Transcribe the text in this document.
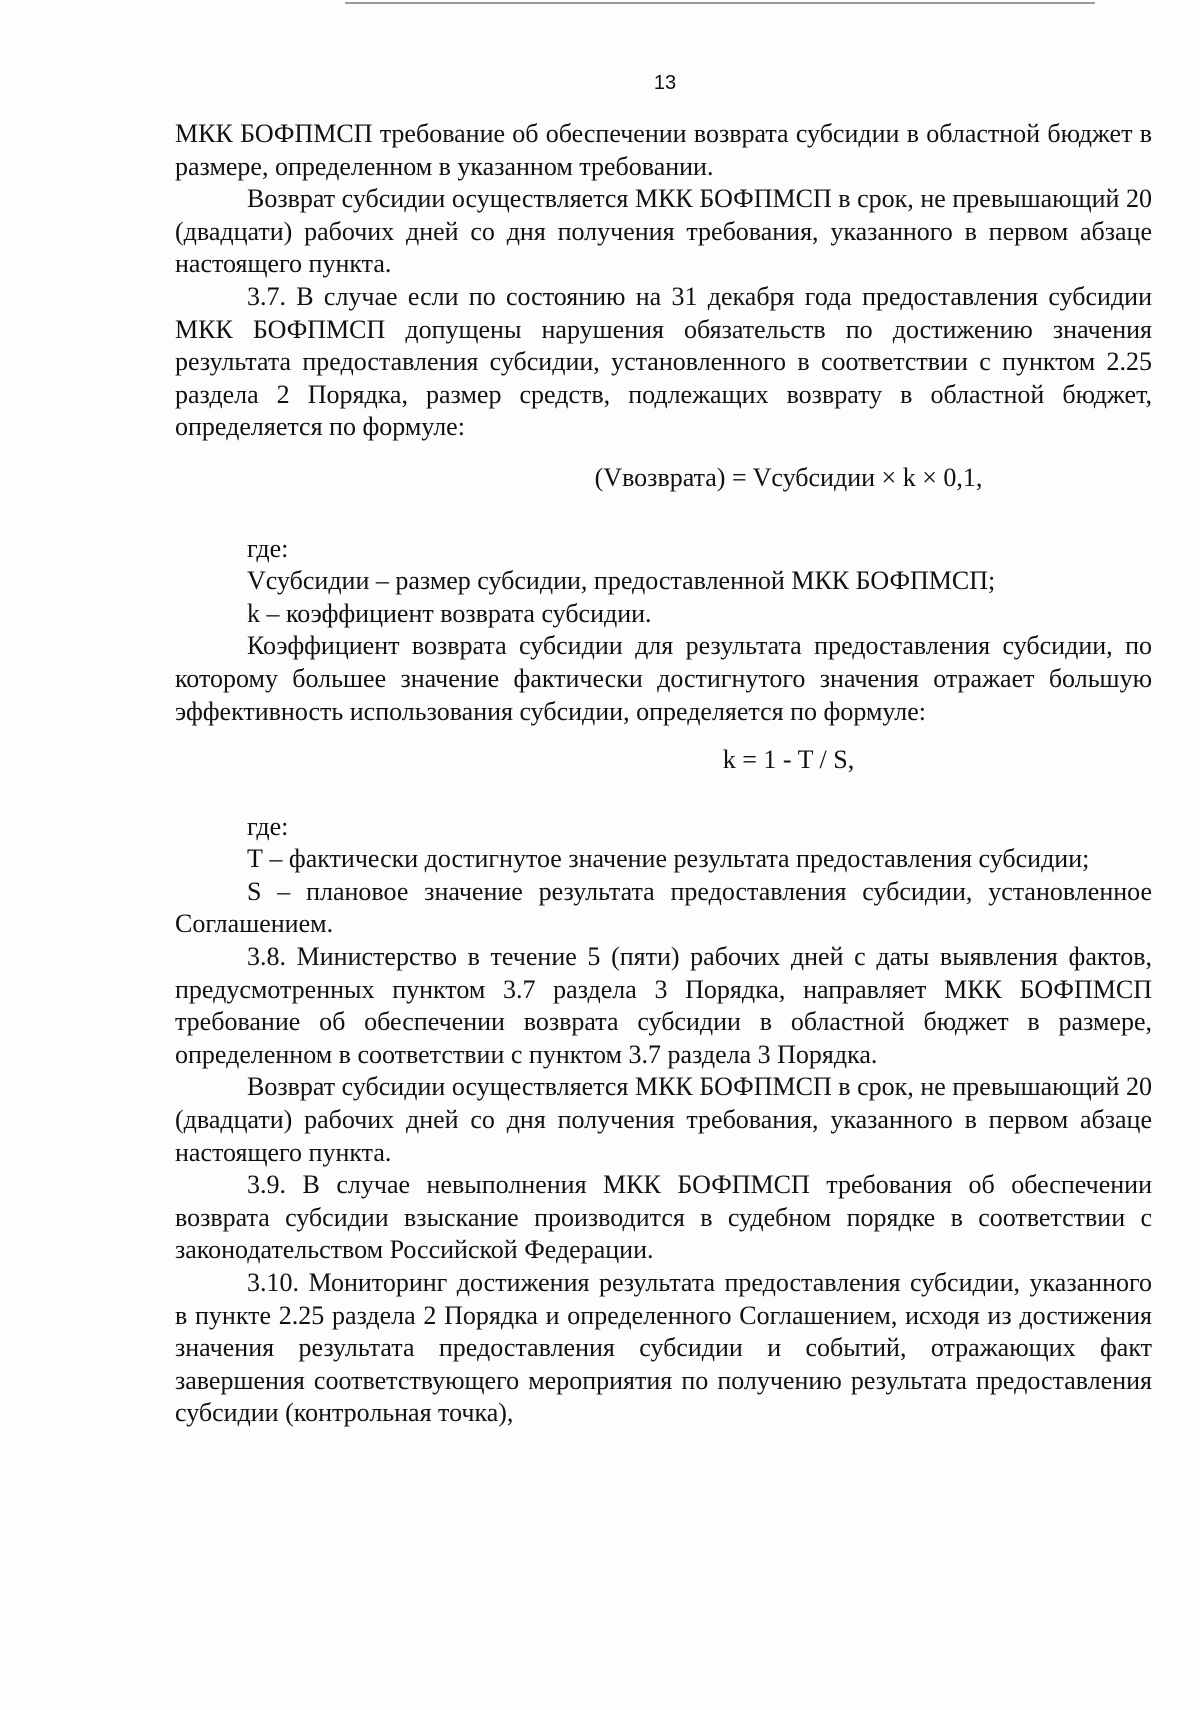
13

МКК БОФПМСП требование об обеспечении возврата субсидии в областной бюджет в размере, определенном в указанном требовании.

Возврат субсидии осуществляется МКК БОФПМСП в срок, не превышающий 20 (двадцати) рабочих дней со дня получения требования, указанного в первом абзаце настоящего пункта.

3.7. В случае если по состоянию на 31 декабря года предоставления субсидии МКК БОФПМСП допущены нарушения обязательств по достижению значения результата предоставления субсидии, установленного в соответствии с пунктом 2.25 раздела 2 Порядка, размер средств, подлежащих возврату в областной бюджет, определяется по формуле:

(Vвозврата) = Vсубсидии × k × 0,1,

где:

Vсубсидии – размер субсидии, предоставленной МКК БОФПМСП;

k – коэффициент возврата субсидии.

Коэффициент возврата субсидии для результата предоставления субсидии, по которому большее значение фактически достигнутого значения отражает большую эффективность использования субсидии, определяется по формуле:

k = 1 - T / S,

где:

Т – фактически достигнутое значение результата предоставления субсидии;

S – плановое значение результата предоставления субсидии, установленное Соглашением.

3.8. Министерство в течение 5 (пяти) рабочих дней с даты выявления фактов, предусмотренных пунктом 3.7 раздела 3 Порядка, направляет МКК БОФПМСП требование об обеспечении возврата субсидии в областной бюджет в размере, определенном в соответствии с пунктом 3.7 раздела 3 Порядка.

Возврат субсидии осуществляется МКК БОФПМСП в срок, не превышающий 20 (двадцати) рабочих дней со дня получения требования, указанного в первом абзаце настоящего пункта.

3.9. В случае невыполнения МКК БОФПМСП требования об обеспечении возврата субсидии взыскание производится в судебном порядке в соответствии с законодательством Российской Федерации.

3.10. Мониторинг достижения результата предоставления субсидии, указанного в пункте 2.25 раздела 2 Порядка и определенного Соглашением, исходя из достижения значения результата предоставления субсидии и событий, отражающих факт завершения соответствующего мероприятия по получению результата предоставления субсидии (контрольная точка),
